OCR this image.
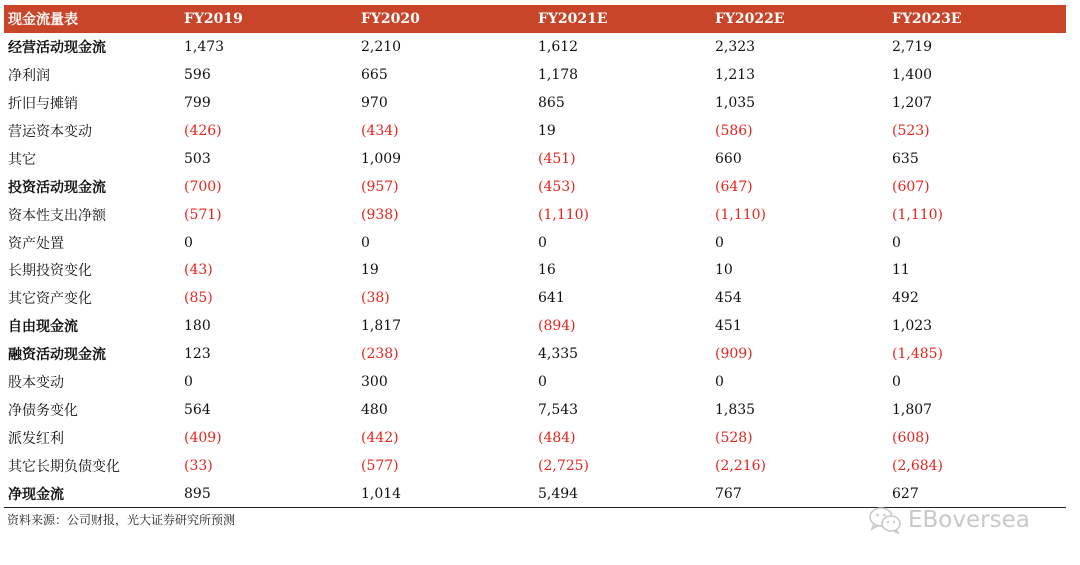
现金流量表	FY2019	FY2020	FY2021E	FY2022E	FY2023E
经营活动现金流	1,473	2,210	1,612	2,323	2,719
净利润	596	665	1,178	1,213	1,400
折旧与摊销	799	970	865	1,035	1,207
营运资本变动	(426)	(434)	19	(586)	(523)
其它	503	1,009	(451)	660	635
投资活动现金流	(700)	(957)	(453)	(647)	(607)
资本性支出净额	(571)	(938)	(1,110)	(1,110)	(1,110)
资产处置	0	0	0	0	0
长期投资变化	(43)	19	16	10	11
其它资产变化	(85)	(38)	641	454	492
自由现金流	180	1,817	(894)	451	1,023
融资活动现金流	123	(238)	4,335	(909)	(1,485)
股本变动	0	300	0	0	0
净债务变化	564	480	7,543	1,835	1,807
派发红利	(409)	(442)	(484)	(528)	(608)
其它长期负债变化	(33)	(577)	(2,725)	(2,216)	(2,684)
净现金流	895	1,014	5,494	767	627
资料来源：公司财报，光大证券研究所预测	EBoversea
